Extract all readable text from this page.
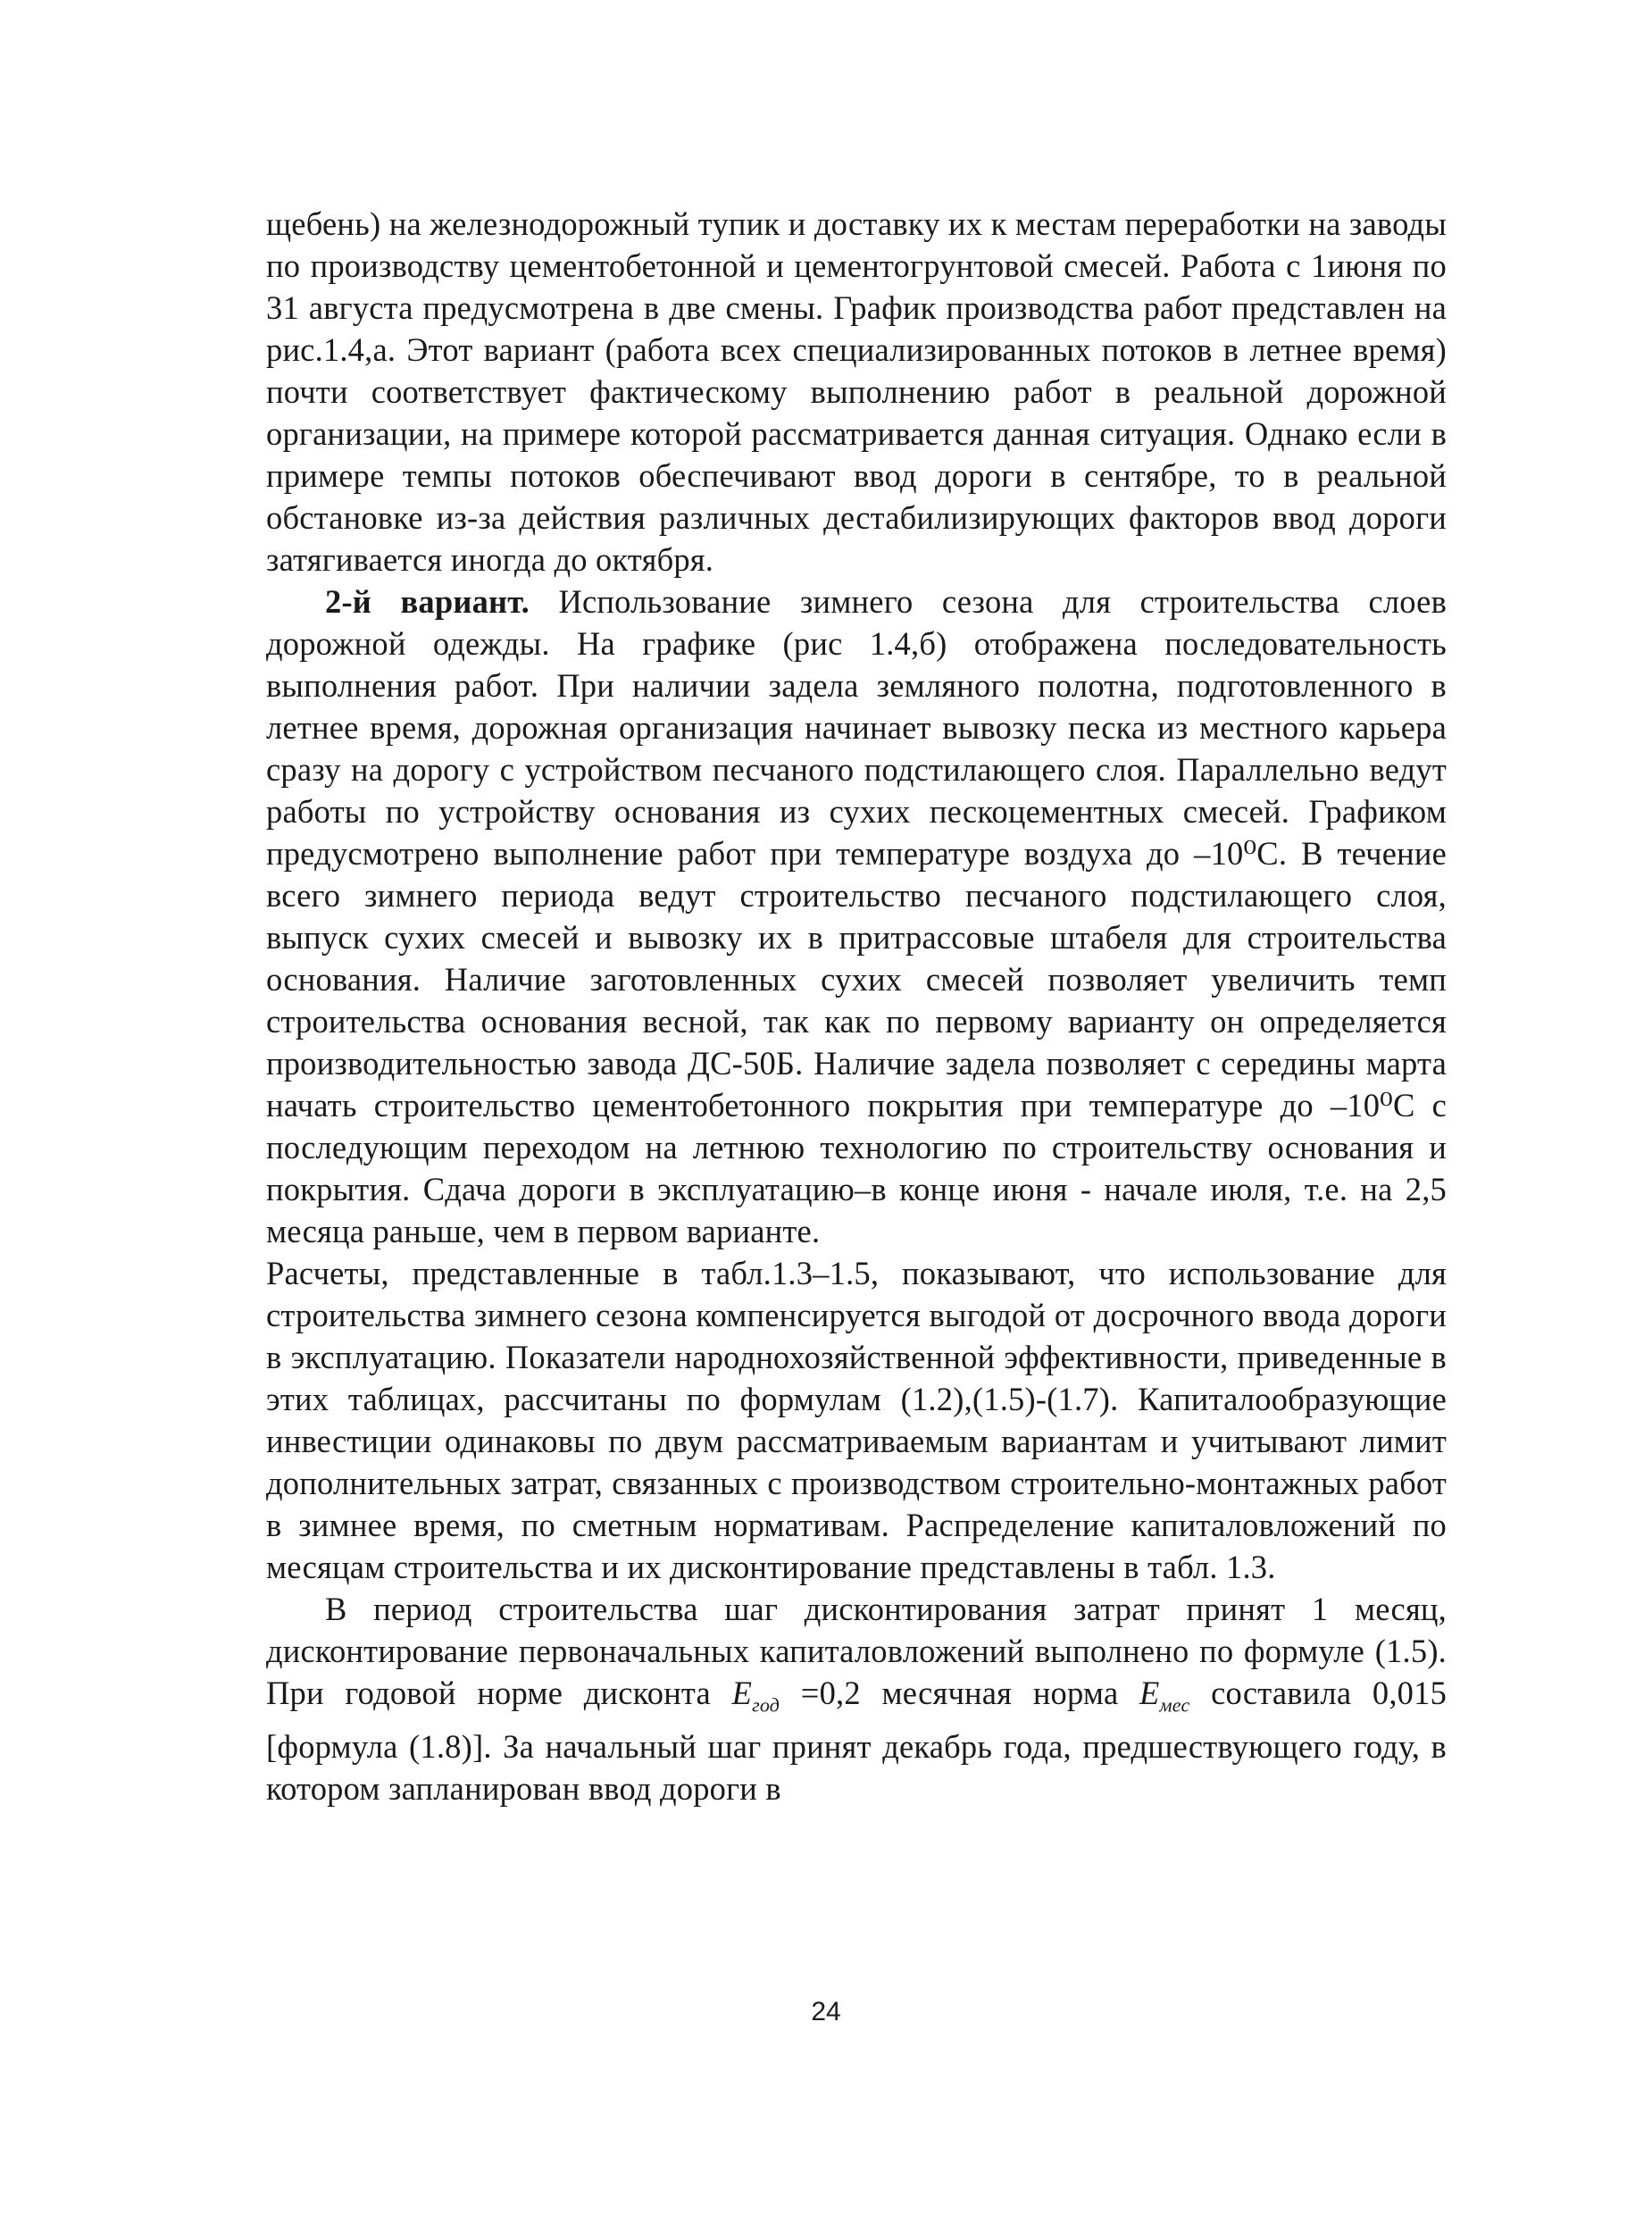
щебень) на железнодорожный тупик и доставку их к местам переработки на заводы по производству цементобетонной и цементогрунтовой смесей. Работа с 1июня по 31 августа предусмотрена в две смены. График производства работ представлен на рис.1.4,а. Этот вариант (работа всех специализированных потоков в летнее время) почти соответствует фактическому выполнению работ в реальной дорожной организации, на примере которой рассматривается данная ситуация. Однако если в примере темпы потоков обеспечивают ввод дороги в сентябре, то в реальной обстановке из-за действия различных дестабилизирующих факторов ввод дороги затягивается иногда до октября.

2-й вариант. Использование зимнего сезона для строительства слоев дорожной одежды. На графике (рис 1.4,б) отображена последовательность выполнения работ. При наличии задела земляного полотна, подготовленного в летнее время, дорожная организация начинает вывозку песка из местного карьера сразу на дорогу с устройством песчаного подстилающего слоя. Параллельно ведут работы по устройству основания из сухих пескоцементных смесей. Графиком предусмотрено выполнение работ при температуре воздуха до –10⁰С. В течение всего зимнего периода ведут строительство песчаного подстилающего слоя, выпуск сухих смесей и вывозку их в притрассовые штабеля для строительства основания. Наличие заготовленных сухих смесей позволяет увеличить темп строительства основания весной, так как по первому варианту он определяется производительностью завода ДС-50Б. Наличие задела позволяет с середины марта начать строительство цементобетонного покрытия при температуре до –10⁰С с последующим переходом на летнюю технологию по строительству основания и покрытия. Сдача дороги в эксплуатацию–в конце июня - начале июля, т.е. на 2,5 месяца раньше, чем в первом варианте.

Расчеты, представленные в табл.1.3–1.5, показывают, что использование для строительства зимнего сезона компенсируется выгодой от досрочного ввода дороги в эксплуатацию. Показатели народнохозяйственной эффективности, приведенные в этих таблицах, рассчитаны по формулам (1.2),(1.5)-(1.7). Капиталообразующие инвестиции одинаковы по двум рассматриваемым вариантам и учитывают лимит дополнительных затрат, связанных с производством строительно-монтажных работ в зимнее время, по сметным нормативам. Распределение капиталовложений по месяцам строительства и их дисконтирование представлены в табл. 1.3.

В период строительства шаг дисконтирования затрат принят 1 месяц, дисконтирование первоначальных капиталовложений выполнено по формуле (1.5). При годовой норме дисконта $E_{год} =0,2$ месячная норма $E_{мес}$ составила 0,015 [формула (1.8)]. За начальный шаг принят декабрь года, предшествующего году, в котором запланирован ввод дороги в

24
